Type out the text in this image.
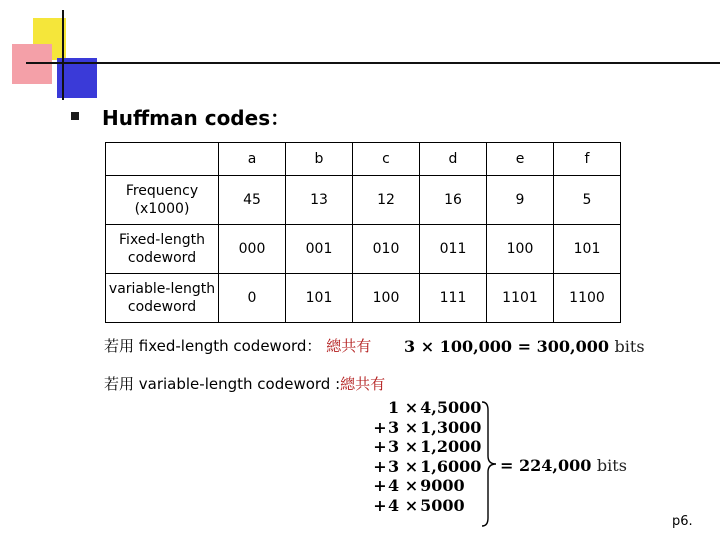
Huffman codes：
	a	b	c	d	e	f
Frequency
(x1000)	45	13	12	16	9	5
Fixed-length
codeword	000	001	010	011	100	101
variable-length
codeword	0	101	100	111	1101	1100
若用 fixed-length codeword： 總共有 3 × 100,000 = 300,000 bits
若用 variable-length codeword :總共有
1 × 4,5000
+3 × 1,3000
+3 × 1,2000
+3 × 1,6000
+4 × 9000
+4 × 5000
= 224,000 bits
p6.
